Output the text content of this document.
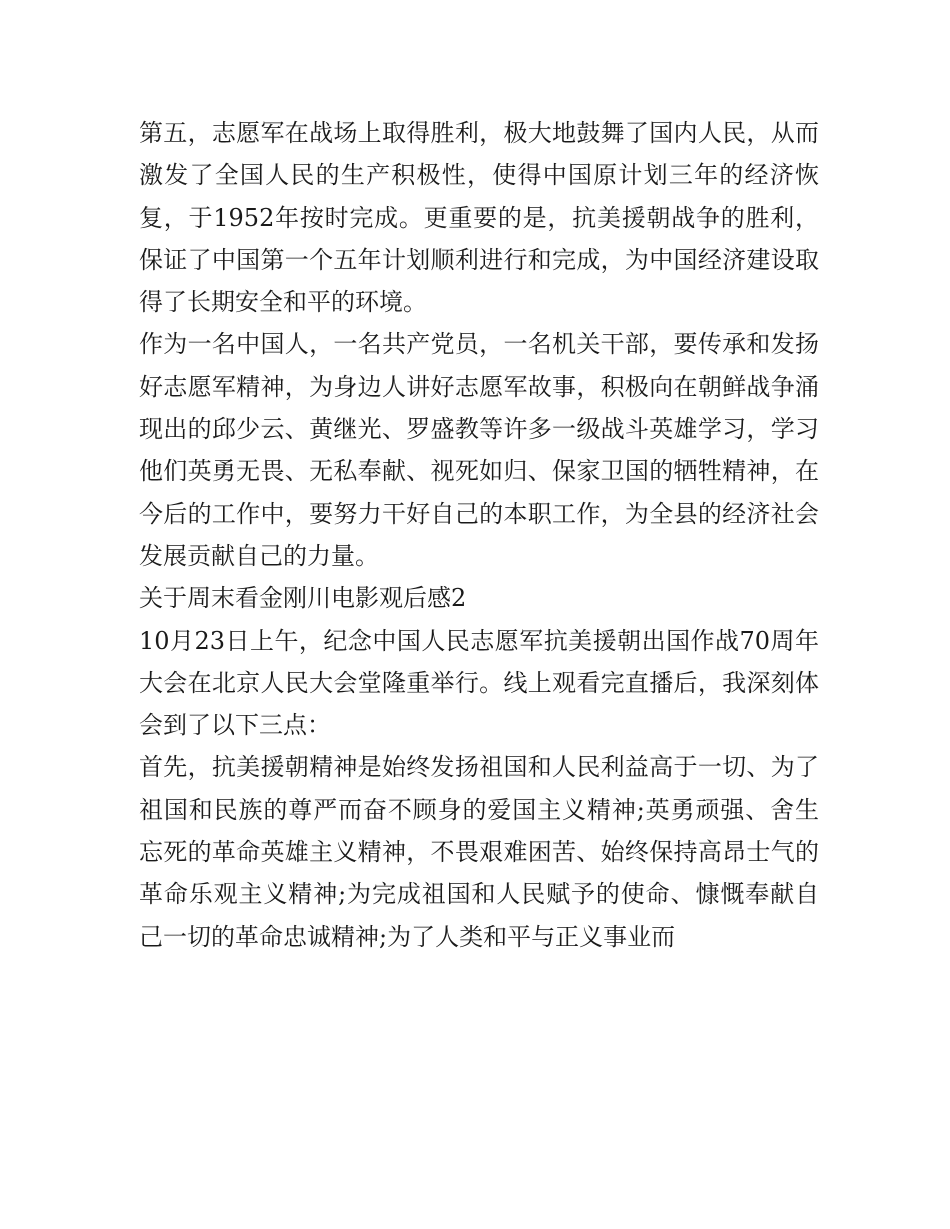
第五，志愿军在战场上取得胜利，极大地鼓舞了国内人民，从而激发了全国人民的生产积极性，使得中国原计划三年的经济恢复，于1952年按时完成。更重要的是，抗美援朝战争的胜利，保证了中国第一个五年计划顺利进行和完成，为中国经济建设取得了长期安全和平的环境。

作为一名中国人，一名共产党员，一名机关干部，要传承和发扬好志愿军精神，为身边人讲好志愿军故事，积极向在朝鲜战争涌现出的邱少云、黄继光、罗盛教等许多一级战斗英雄学习，学习他们英勇无畏、无私奉献、视死如归、保家卫国的牺牲精神，在今后的工作中，要努力干好自己的本职工作，为全县的经济社会发展贡献自己的力量。

关于周末看金刚川电影观后感2

10月23日上午，纪念中国人民志愿军抗美援朝出国作战70周年大会在北京人民大会堂隆重举行。线上观看完直播后，我深刻体会到了以下三点：

首先，抗美援朝精神是始终发扬祖国和人民利益高于一切、为了祖国和民族的尊严而奋不顾身的爱国主义精神;英勇顽强、舍生忘死的革命英雄主义精神，不畏艰难困苦、始终保持高昂士气的革命乐观主义精神;为完成祖国和人民赋予的使命、慷慨奉献自己一切的革命忠诚精神;为了人类和平与正义事业而
